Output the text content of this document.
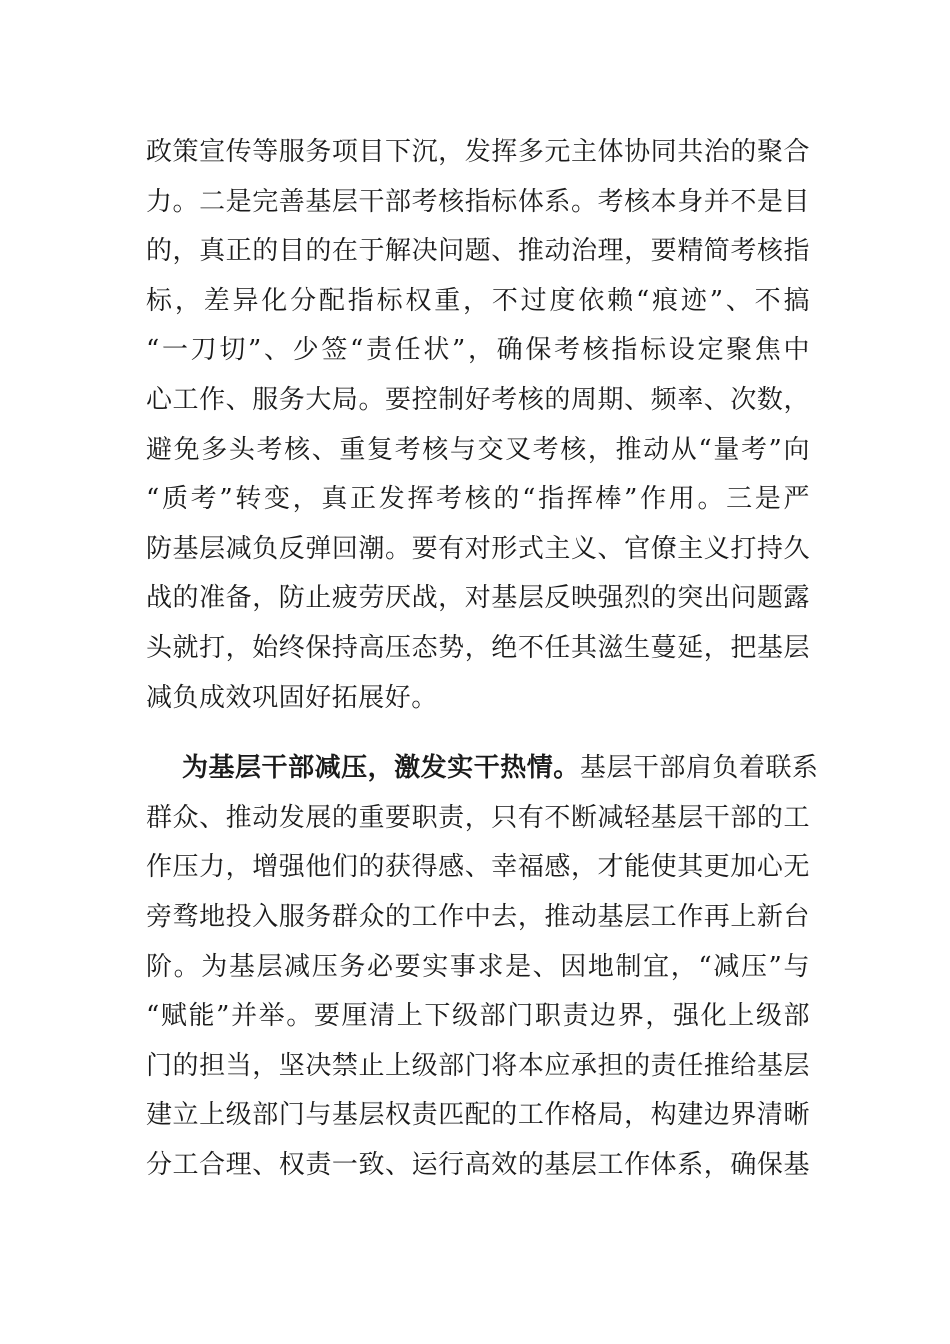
政策宣传等服务项目下沉，发挥多元主体协同共治的聚合
力。二是完善基层干部考核指标体系。考核本身并不是目
的，真正的目的在于解决问题、推动治理，要精简考核指
标，差异化分配指标权重，不过度依赖“痕迹”、不搞
“一刀切”、少签“责任状”，确保考核指标设定聚焦中
心工作、服务大局。要控制好考核的周期、频率、次数，
避免多头考核、重复考核与交叉考核，推动从“量考”向
“质考”转变，真正发挥考核的“指挥棒”作用。三是严
防基层减负反弹回潮。要有对形式主义、官僚主义打持久
战的准备，防止疲劳厌战，对基层反映强烈的突出问题露
头就打，始终保持高压态势，绝不任其滋生蔓延，把基层
减负成效巩固好拓展好。
为基层干部减压，激发实干热情。基层干部肩负着联系
群众、推动发展的重要职责，只有不断减轻基层干部的工
作压力，增强他们的获得感、幸福感，才能使其更加心无
旁骛地投入服务群众的工作中去，推动基层工作再上新台
阶。为基层减压务必要实事求是、因地制宜，“减压”与
“赋能”并举。要厘清上下级部门职责边界，强化上级部
门的担当，坚决禁止上级部门将本应承担的责任推给基层
建立上级部门与基层权责匹配的工作格局，构建边界清晰
分工合理、权责一致、运行高效的基层工作体系，确保基
